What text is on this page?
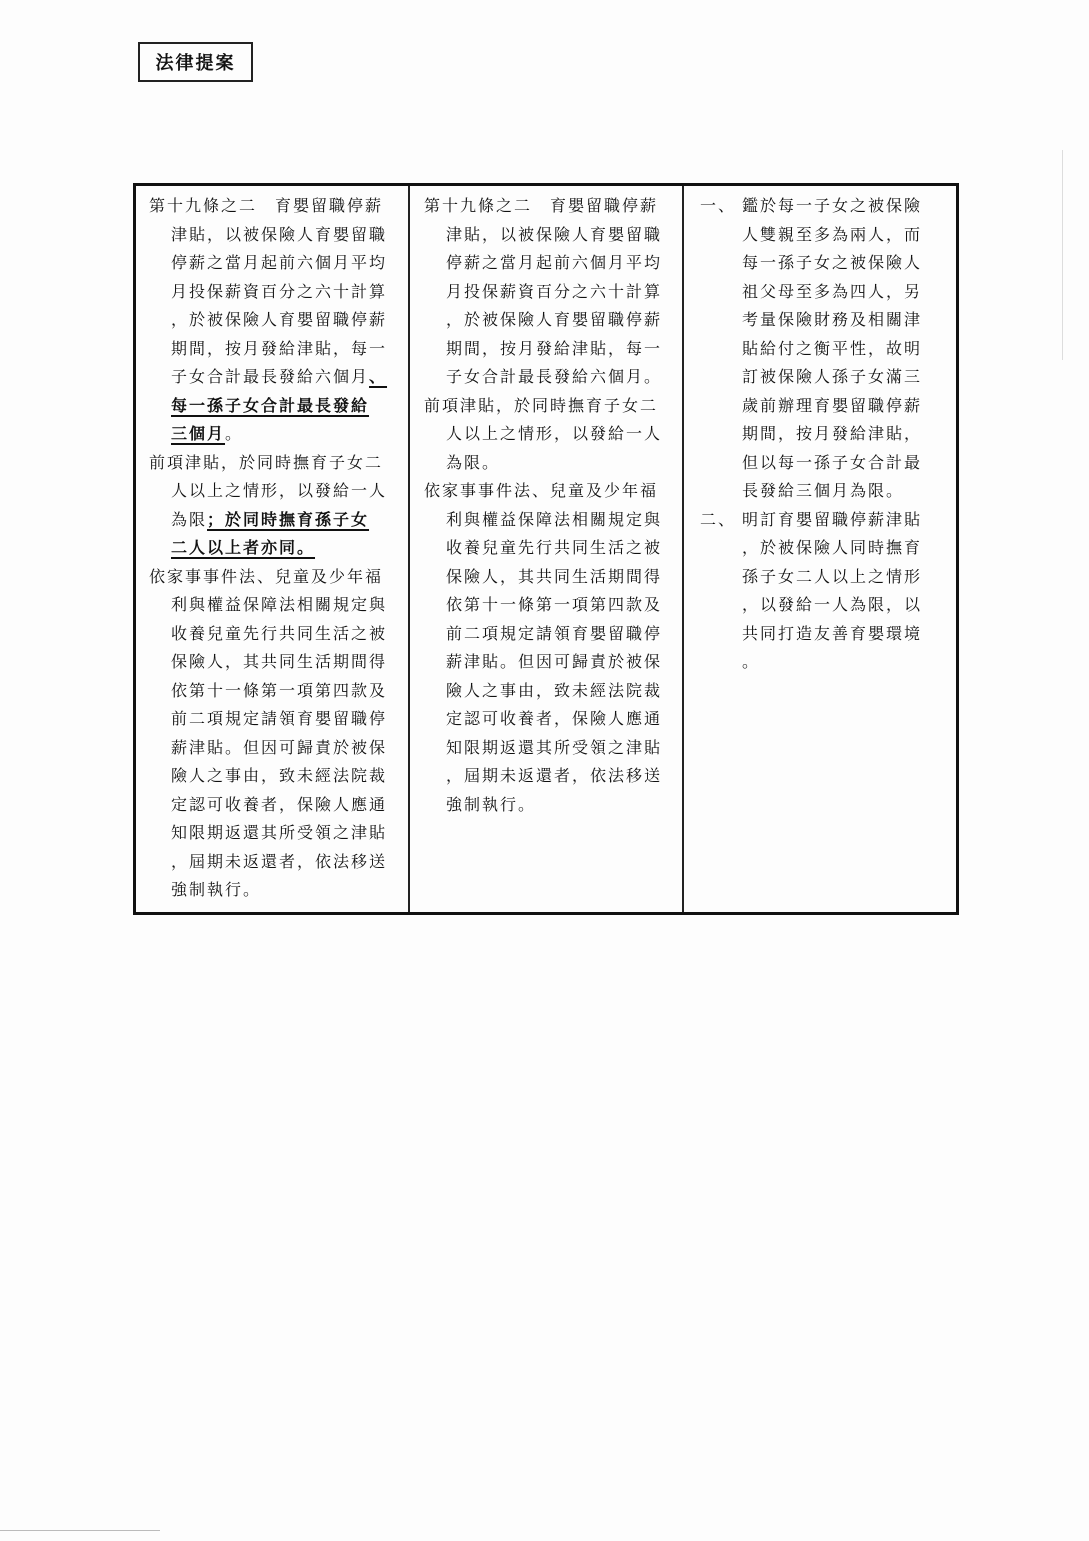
法律提案
第十九條之二　育嬰留職停薪
津貼，以被保險人育嬰留職
停薪之當月起前六個月平均
月投保薪資百分之六十計算
，於被保險人育嬰留職停薪
期間，按月發給津貼，每一
子女合計最長發給六個月、
每一孫子女合計最長發給
三個月。
前項津貼，於同時撫育子女二
人以上之情形，以發給一人
為限；於同時撫育孫子女
二人以上者亦同。
依家事事件法、兒童及少年福
利與權益保障法相關規定與
收養兒童先行共同生活之被
保險人，其共同生活期間得
依第十一條第一項第四款及
前二項規定請領育嬰留職停
薪津貼。但因可歸責於被保
險人之事由，致未經法院裁
定認可收養者，保險人應通
知限期返還其所受領之津貼
，屆期未返還者，依法移送
強制執行。
第十九條之二　育嬰留職停薪
津貼，以被保險人育嬰留職
停薪之當月起前六個月平均
月投保薪資百分之六十計算
，於被保險人育嬰留職停薪
期間，按月發給津貼，每一
子女合計最長發給六個月。
前項津貼，於同時撫育子女二
人以上之情形，以發給一人
為限。
依家事事件法、兒童及少年福
利與權益保障法相關規定與
收養兒童先行共同生活之被
保險人，其共同生活期間得
依第十一條第一項第四款及
前二項規定請領育嬰留職停
薪津貼。但因可歸責於被保
險人之事由，致未經法院裁
定認可收養者，保險人應通
知限期返還其所受領之津貼
，屆期未返還者，依法移送
強制執行。
一、 鑑於每一子女之被保險
人雙親至多為兩人，而
每一孫子女之被保險人
祖父母至多為四人，另
考量保險財務及相關津
貼給付之衡平性，故明
訂被保險人孫子女滿三
歲前辦理育嬰留職停薪
期間，按月發給津貼，
但以每一孫子女合計最
長發給三個月為限。
二、 明訂育嬰留職停薪津貼
，於被保險人同時撫育
孫子女二人以上之情形
，以發給一人為限，以
共同打造友善育嬰環境
。
